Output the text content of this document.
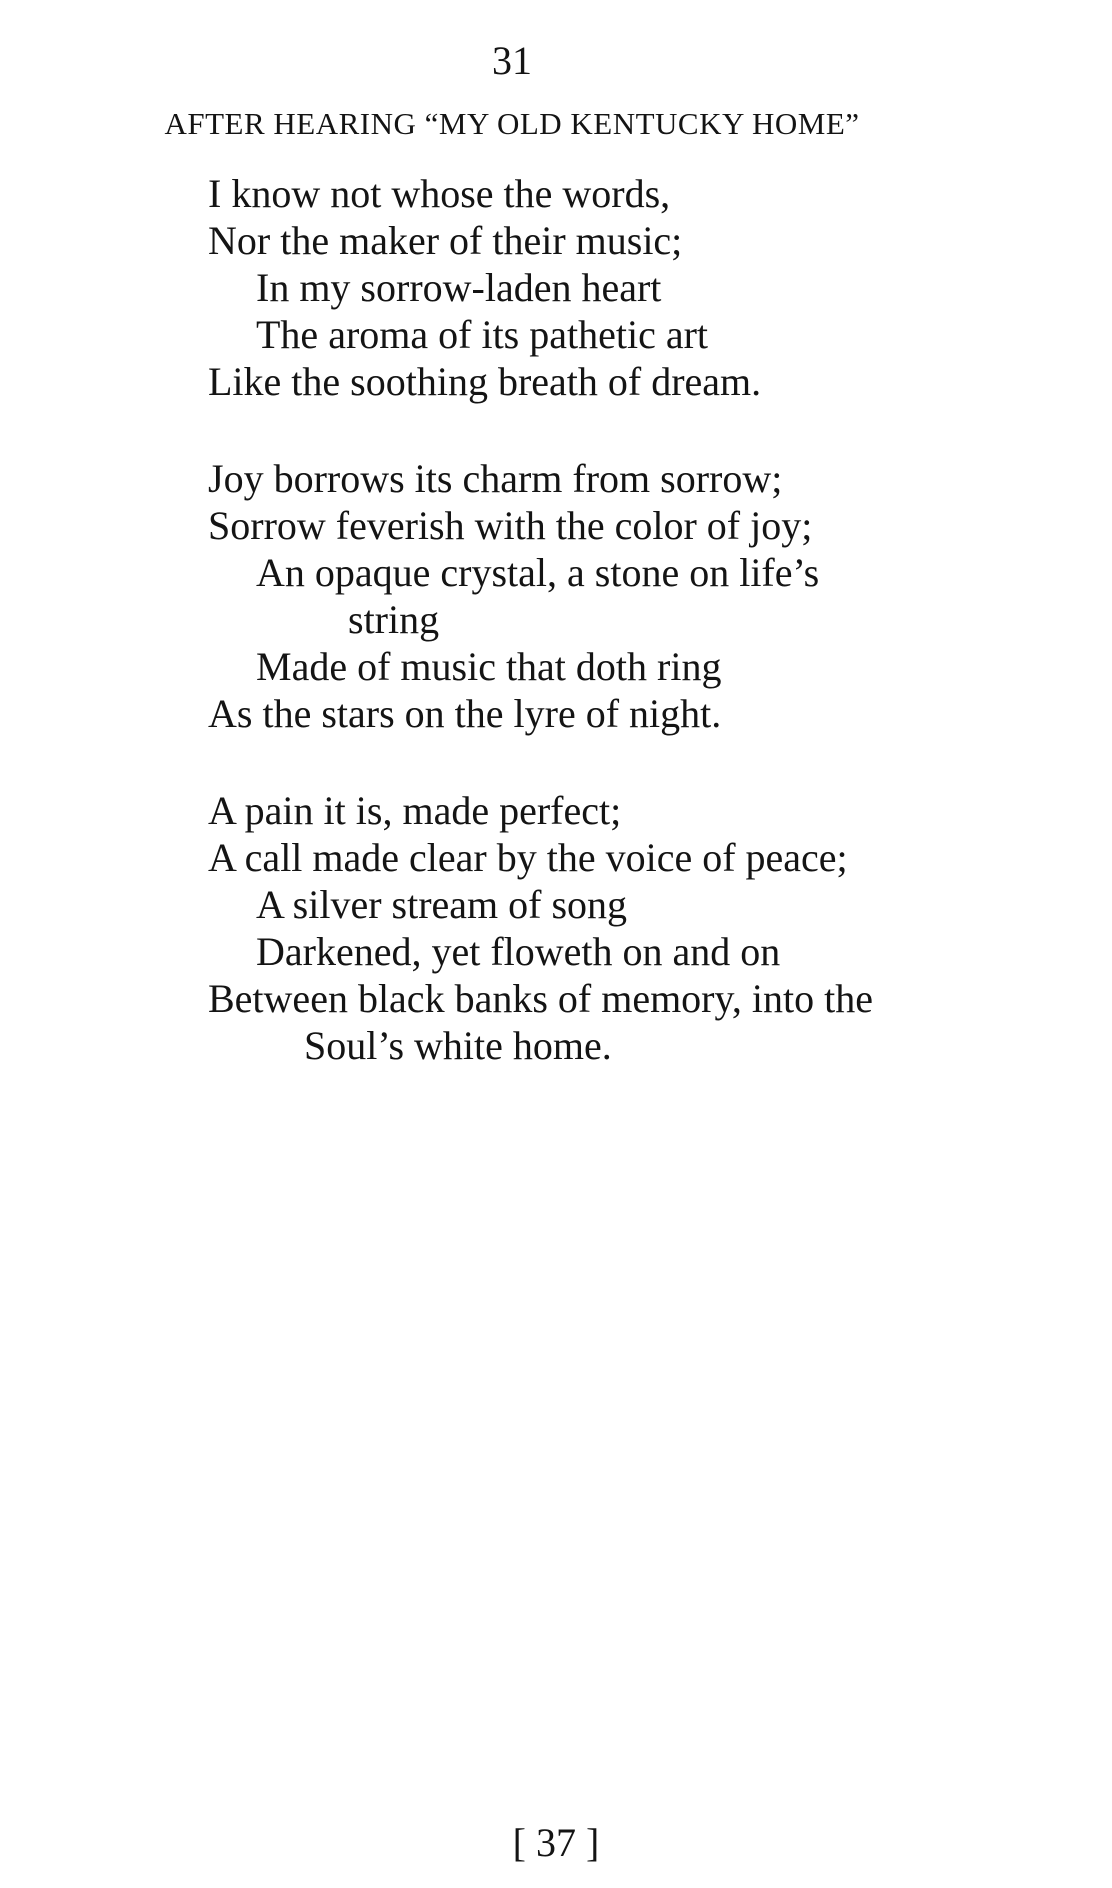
31
AFTER HEARING “MY OLD KENTUCKY HOME”
I know not whose the words,
Nor the maker of their music;
In my sorrow-laden heart
The aroma of its pathetic art
Like the soothing breath of dream.
Joy borrows its charm from sorrow;
Sorrow feverish with the color of joy;
An opaque crystal, a stone on life’s
string
Made of music that doth ring
As the stars on the lyre of night.
A pain it is, made perfect;
A call made clear by the voice of peace;
A silver stream of song
Darkened, yet floweth on and on
Between black banks of memory, into the
Soul’s white home.
[ 37 ]
